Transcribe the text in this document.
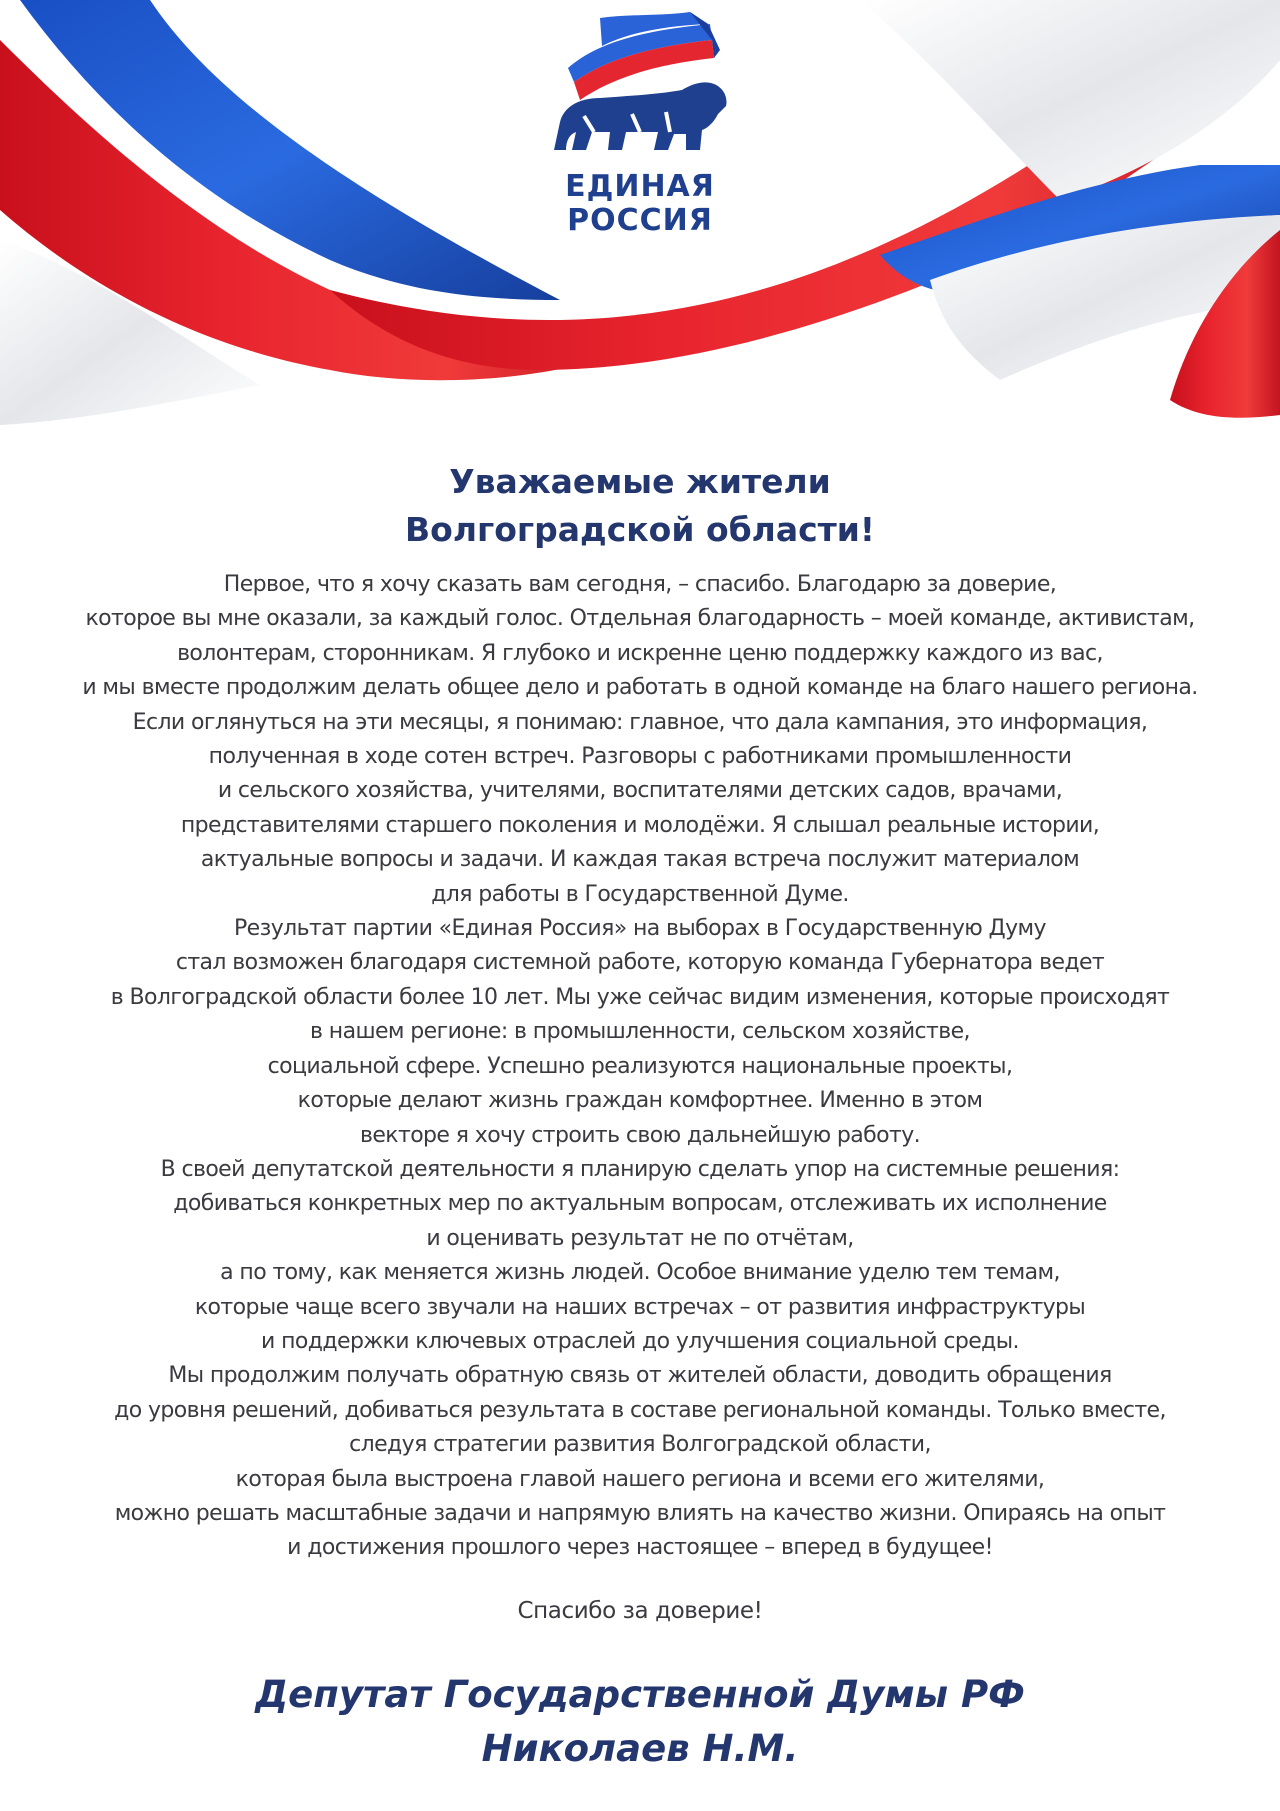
ЕДИНАЯ
РОССИЯ
Уважаемые жители
Волгоградской области!
Первое, что я хочу сказать вам сегодня, – спасибо. Благодарю за доверие,
которое вы мне оказали, за каждый голос. Отдельная благодарность – моей команде, активистам,
волонтерам, сторонникам. Я глубоко и искренне ценю поддержку каждого из вас,
и мы вместе продолжим делать общее дело и работать в одной команде на благо нашего региона.
Если оглянуться на эти месяцы, я понимаю: главное, что дала кампания, это информация,
полученная в ходе сотен встреч. Разговоры с работниками промышленности
и сельского хозяйства, учителями, воспитателями детских садов, врачами,
представителями старшего поколения и молодёжи. Я слышал реальные истории,
актуальные вопросы и задачи. И каждая такая встреча послужит материалом
для работы в Государственной Думе.
Результат партии «Единая Россия» на выборах в Государственную Думу
стал возможен благодаря системной работе, которую команда Губернатора ведет
в Волгоградской области более 10 лет. Мы уже сейчас видим изменения, которые происходят
в нашем регионе: в промышленности, сельском хозяйстве,
социальной сфере. Успешно реализуются национальные проекты,
которые делают жизнь граждан комфортнее. Именно в этом
векторе я хочу строить свою дальнейшую работу.
В своей депутатской деятельности я планирую сделать упор на системные решения:
добиваться конкретных мер по актуальным вопросам, отслеживать их исполнение
и оценивать результат не по отчётам,
а по тому, как меняется жизнь людей. Особое внимание уделю тем темам,
которые чаще всего звучали на наших встречах – от развития инфраструктуры
и поддержки ключевых отраслей до улучшения социальной среды.
Мы продолжим получать обратную связь от жителей области, доводить обращения
до уровня решений, добиваться результата в составе региональной команды. Только вместе,
следуя стратегии развития Волгоградской области,
которая была выстроена главой нашего региона и всеми его жителями,
можно решать масштабные задачи и напрямую влиять на качество жизни. Опираясь на опыт
и достижения прошлого через настоящее – вперед в будущее!
Спасибо за доверие!
Депутат Государственной Думы РФ
Николаев Н.М.
